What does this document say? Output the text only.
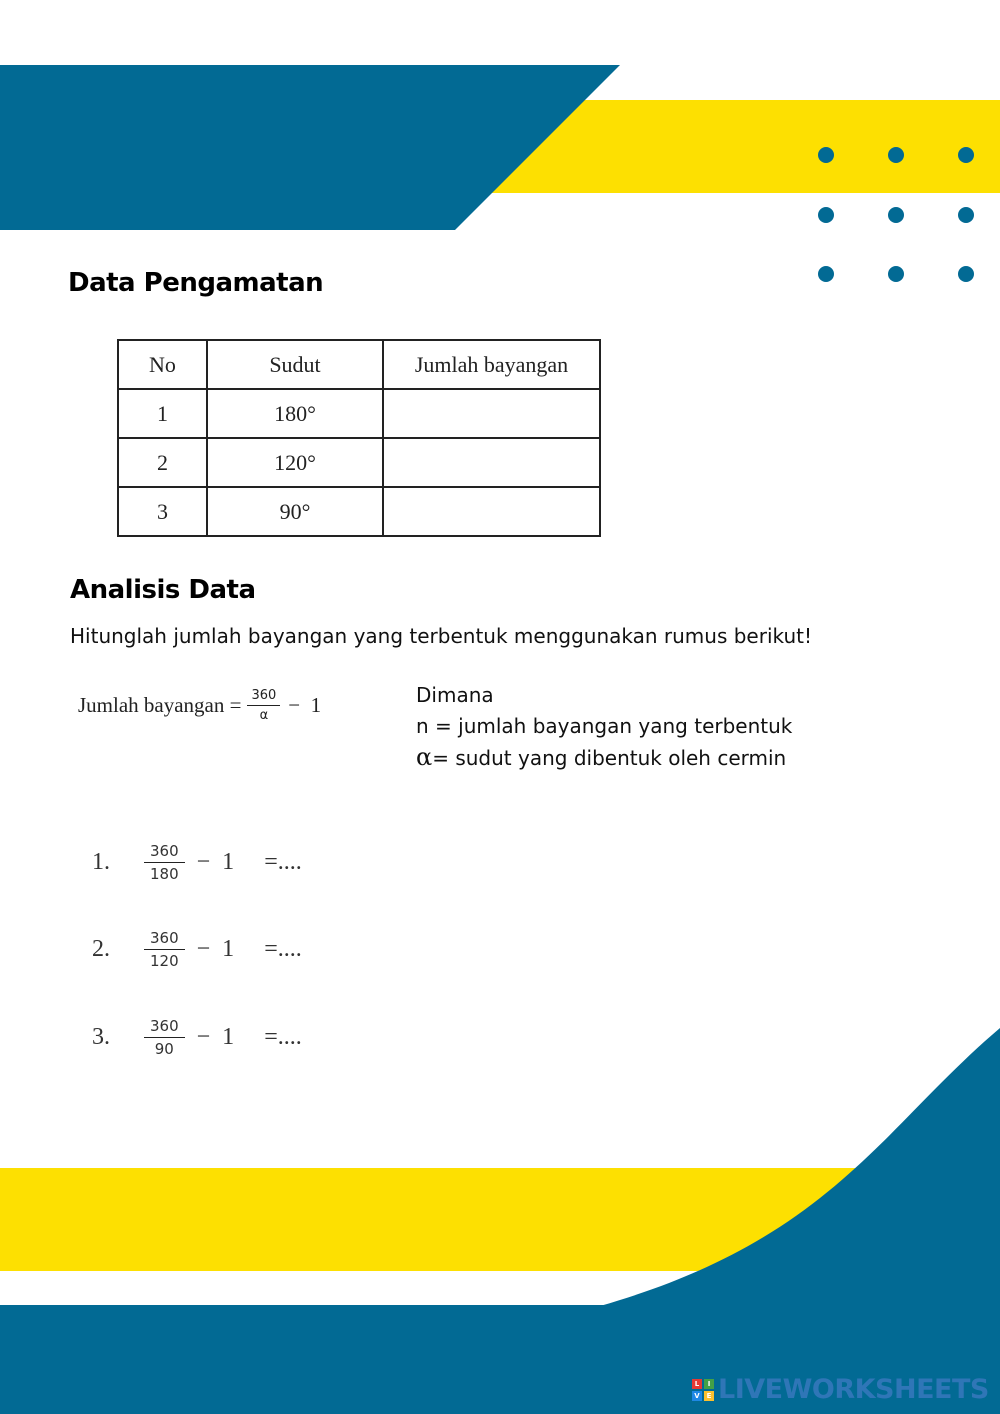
Data Pengamatan
No	Sudut	Jumlah bayangan
1	180°	
2	120°	
3	90°	
Analisis Data
Hitunglah jumlah bayangan yang terbentuk menggunakan rumus berikut!
Jumlah bayangan = $\frac{360}{\alpha} - 1$	Dimana
n = jumlah bayangan yang terbentuk
α= sudut yang dibentuk oleh cermin
1.	$\frac{360}{180} - 1$ =....
2.	$\frac{360}{120} - 1$ =....
3.	$\frac{360}{90} - 1$ =....
L	I
V E LIVEWORKSHEETS
